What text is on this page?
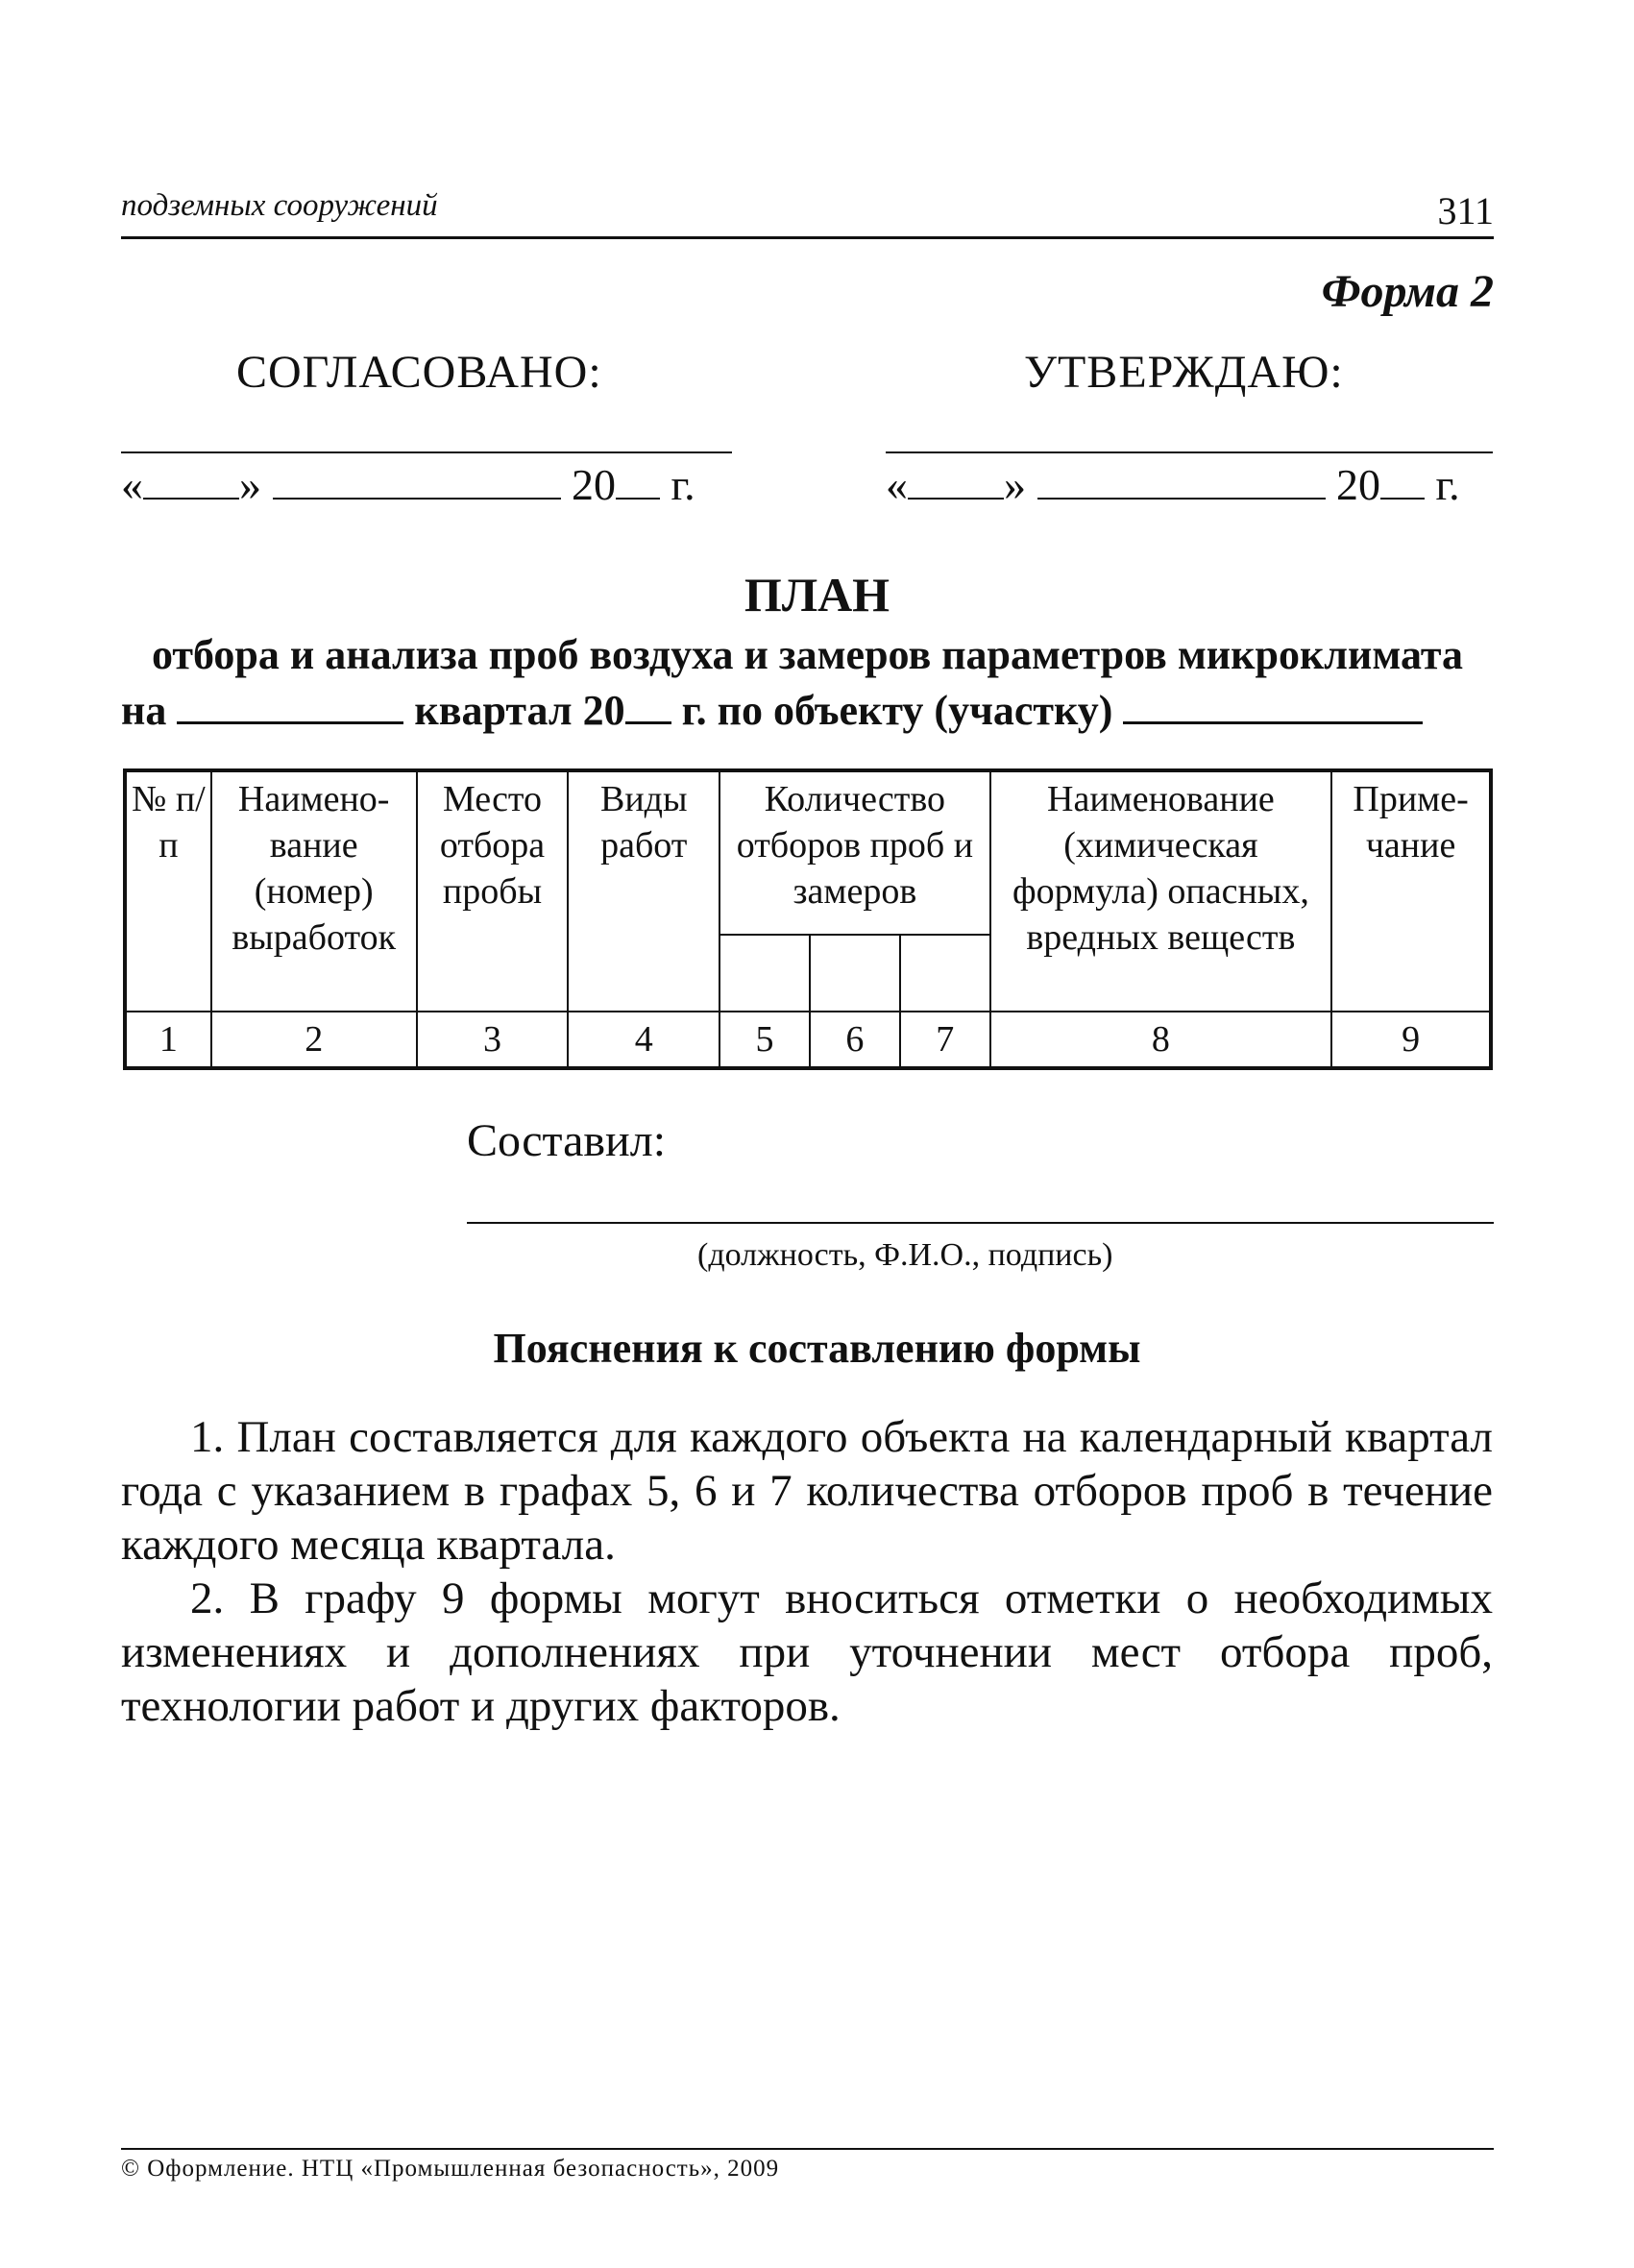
подземных сооружений	311
Форма 2
СОГЛАСОВАНО:	УТВЕРЖДАЮ:
« »	20 г.	« »	20 г.
ПЛАН
отбора и анализа проб воздуха и замеров параметров микроклимата
на	квартал 20 г. по объекту (участку)
№ п/п	Наимено- вание (номер) выработок	Место отбора пробы	Виды работ	Количество отборов проб и замеров			Наименование (химическая формула) опасных, вредных веществ	Приме- чание

1	2	3	4	5	6	7	8	9
Составил:
(должность, Ф.И.О., подпись)
Пояснения к составлению формы
1. План составляется для каждого объекта на календарный квартал года с указанием в графах 5, 6 и 7 количества отборов проб в течение каждого месяца квартала.
2. В графу 9 формы могут вноситься отметки о необходимых изменениях и дополнениях при уточнении мест отбора проб, технологии работ и других факторов.
© Оформление. НТЦ «Промышленная безопасность», 2009
